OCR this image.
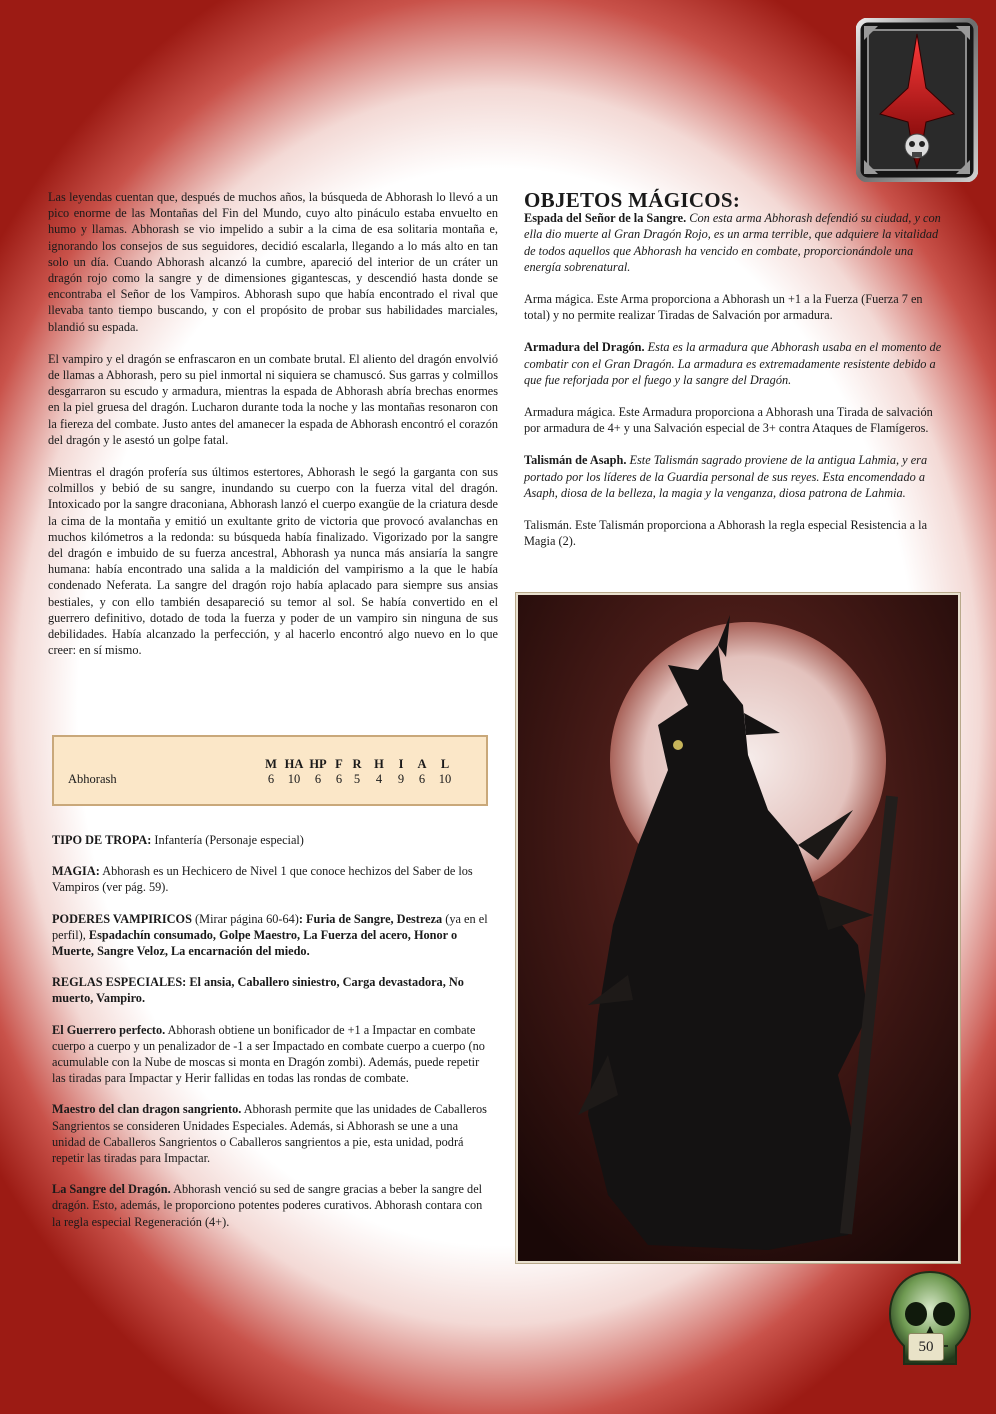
Las leyendas cuentan que, después de muchos años, la búsqueda de Abhorash lo llevó a un pico enorme de las Montañas del Fin del Mundo, cuyo alto pináculo estaba envuelto en humo y llamas. Abhorash se vio impelido a subir a la cima de esa solitaria montaña e, ignorando los consejos de sus seguidores, decidió escalarla, llegando a lo más alto en tan solo un día. Cuando Abhorash alcanzó la cumbre, apareció del interior de un cráter un dragón rojo como la sangre y de dimensiones gigantescas, y descendió hasta donde se encontraba el Señor de los Vampiros. Abhorash supo que había encontrado el rival que llevaba tanto tiempo buscando, y con el propósito de probar sus habilidades marciales, blandió su espada.

El vampiro y el dragón se enfrascaron en un combate brutal. El aliento del dragón envolvió de llamas a Abhorash, pero su piel inmortal ni siquiera se chamuscó. Sus garras y colmillos desgarraron su escudo y armadura, mientras la espada de Abhorash abría brechas enormes en la piel gruesa del dragón. Lucharon durante toda la noche y las montañas resonaron con la fiereza del combate. Justo antes del amanecer la espada de Abhorash encontró el corazón del dragón y le asestó un golpe fatal.

Mientras el dragón profería sus últimos estertores, Abhorash le segó la garganta con sus colmillos y bebió de su sangre, inundando su cuerpo con la fuerza vital del dragón. Intoxicado por la sangre draconiana, Abhorash lanzó el cuerpo exangüe de la criatura desde la cima de la montaña y emitió un exultante grito de victoria que provocó avalanchas en muchos kilómetros a la redonda: su búsqueda había finalizado. Vigorizado por la sangre del dragón e imbuido de su fuerza ancestral, Abhorash ya nunca más ansiaría la sangre humana: había encontrado una salida a la maldición del vampirismo a la que le había condenado Neferata. La sangre del dragón rojo había aplacado para siempre sus ansias bestiales, y con ello también desapareció su temor al sol. Se había convertido en el guerrero definitivo, dotado de toda la fuerza y poder de un vampiro sin ninguna de sus debilidades. Había alcanzado la perfección, y al hacerlo encontró algo nuevo en lo que creer: en sí mismo.

OBJETOS MÁGICOS:

Espada del Señor de la Sangre. Con esta arma Abhorash defendió su ciudad, y con ella dio muerte al Gran Dragón Rojo, es un arma terrible, que adquiere la vitalidad de todos aquellos que Abhorash ha vencido en combate, proporcionándole una energía sobrenatural.

Arma mágica. Este Arma proporciona a Abhorash un +1 a la Fuerza (Fuerza 7 en total) y no permite realizar Tiradas de Salvación por armadura.

Armadura del Dragón. Esta es la armadura que Abhorash usaba en el momento de combatir con el Gran Dragón. La armadura es extremadamente resistente debido a que fue reforjada por el fuego y la sangre del Dragón.

Armadura mágica. Este Armadura proporciona a Abhorash una Tirada de salvación por armadura de 4+ y una Salvación especial de 3+ contra Ataques de Flamígeros.

Talismán de Asaph. Este Talismán sagrado proviene de la antigua Lahmia, y era portado por los líderes de la Guardia personal de sus reyes. Esta encomendado a Asaph, diosa de la belleza, la magia y la venganza, diosa patrona de Lahmia.

Talismán. Este Talismán proporciona a Abhorash la regla especial Resistencia a la Magia (2).

Abhorash
M	HA	HP	F	R	H	I	A	L
6	10	6	6	5	4	9	6	10

TIPO DE TROPA: Infantería (Personaje especial)

MAGIA: Abhorash es un Hechicero de Nivel 1 que conoce hechizos del Saber de los Vampiros (ver pág. 59).

PODERES VAMPIRICOS (Mirar página 60-64): Furia de Sangre, Destreza (ya en el perfil), Espadachín consumado, Golpe Maestro, La Fuerza del acero, Honor o Muerte, Sangre Veloz, La encarnación del miedo.

REGLAS ESPECIALES: El ansia, Caballero siniestro, Carga devastadora, No muerto, Vampiro.

El Guerrero perfecto. Abhorash obtiene un bonificador de +1 a Impactar en combate cuerpo a cuerpo y un penalizador de -1 a ser Impactado en combate cuerpo a cuerpo (no acumulable con la Nube de moscas si monta en Dragón zombi). Además, puede repetir las tiradas para Impactar y Herir fallidas en todas las rondas de combate.

Maestro del clan dragon sangriento. Abhorash permite que las unidades de Caballeros Sangrientos se consideren Unidades Especiales. Además, si Abhorash se une a una unidad de Caballeros Sangrientos o Caballeros sangrientos a pie, esta unidad, podrá repetir las tiradas para Impactar.

La Sangre del Dragón. Abhorash venció su sed de sangre gracias a beber la sangre del dragón. Esto, además, le proporciono potentes poderes curativos. Abhorash contara con la regla especial Regeneración (4+).

50
